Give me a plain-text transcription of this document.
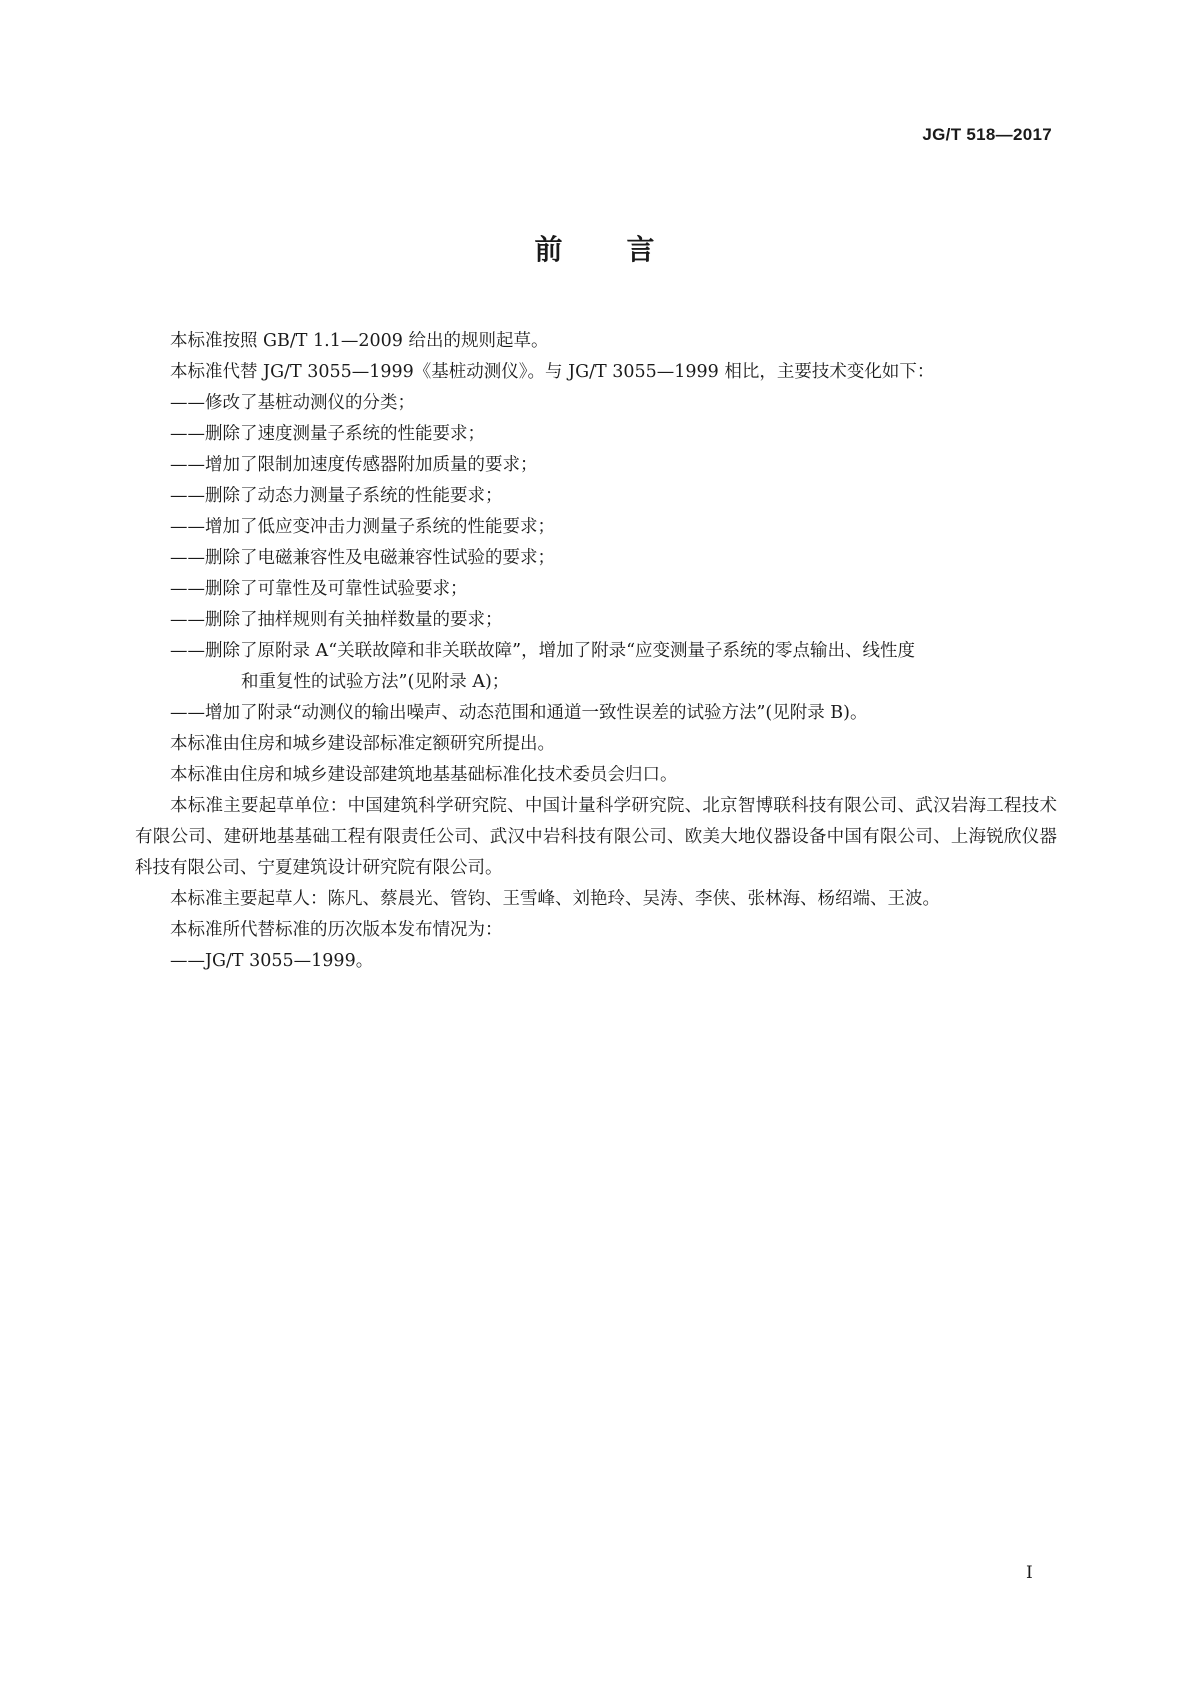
JG/T 518—2017
前 言

本标准按照 GB/T 1.1—2009 给出的规则起草。

本标准代替 JG/T 3055—1999《基桩动测仪》。与 JG/T 3055—1999 相比，主要技术变化如下：

——修改了基桩动测仪的分类；
——删除了速度测量子系统的性能要求；
——增加了限制加速度传感器附加质量的要求；
——删除了动态力测量子系统的性能要求；
——增加了低应变冲击力测量子系统的性能要求；
——删除了电磁兼容性及电磁兼容性试验的要求；
——删除了可靠性及可靠性试验要求；
——删除了抽样规则有关抽样数量的要求；
——删除了原附录 A“关联故障和非关联故障”，增加了附录“应变测量子系统的零点输出、线性度
和重复性的试验方法”(见附录 A)；
——增加了附录“动测仪的输出噪声、动态范围和通道一致性误差的试验方法”(见附录 B)。

本标准由住房和城乡建设部标准定额研究所提出。

本标准由住房和城乡建设部建筑地基基础标准化技术委员会归口。

本标准主要起草单位：中国建筑科学研究院、中国计量科学研究院、北京智博联科技有限公司、武汉岩海工程技术有限公司、建研地基基础工程有限责任公司、武汉中岩科技有限公司、欧美大地仪器设备中国有限公司、上海锐欣仪器科技有限公司、宁夏建筑设计研究院有限公司。

本标准主要起草人：陈凡、蔡晨光、管钧、王雪峰、刘艳玲、吴涛、李侠、张林海、杨绍端、王波。

本标准所代替标准的历次版本发布情况为：

——JG/T 3055—1999。
I
